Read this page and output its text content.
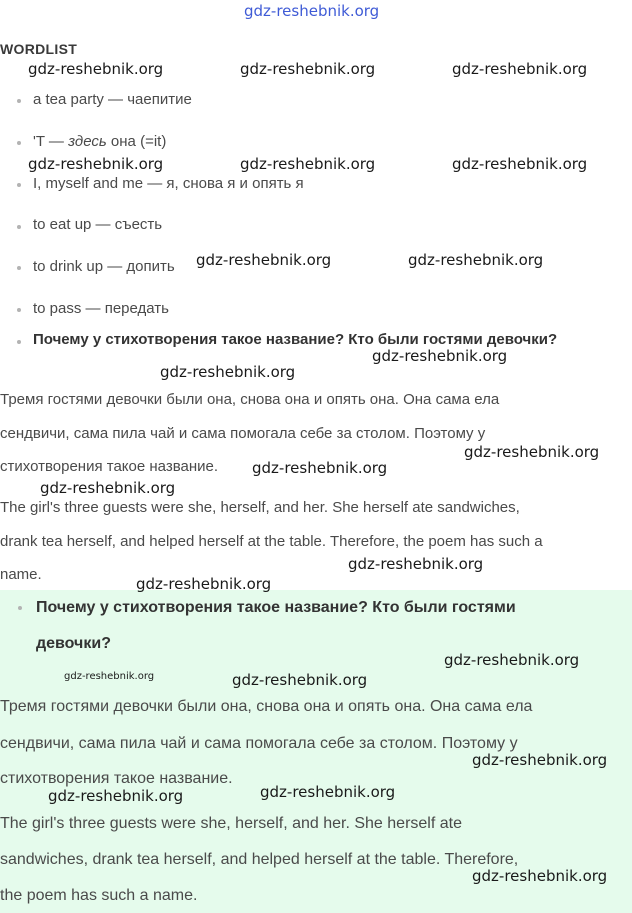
gdz-reshebnik.org
WORDLIST
a tea party — чаепитие
'T — здесь она (=it)
I, myself and me — я, снова я и опять я
to eat up — съесть
to drink up — допить
to pass — передать
Почему у стихотворения такое название? Кто были гостями девочки?
Тремя гостями девочки были она, снова она и опять она. Она сама ела
сендвичи, сама пила чай и сама помогала себе за столом. Поэтому у
стихотворения такое название.
The girl's three guests were she, herself, and her. She herself ate sandwiches,
drank tea herself, and helped herself at the table. Therefore, the poem has such a
name.
Почему у стихотворения такое название? Кто были гостями
девочки?
Тремя гостями девочки были она, снова она и опять она. Она сама ела
сендвичи, сама пила чай и сама помогала себе за столом. Поэтому у
стихотворения такое название.
The girl's three guests were she, herself, and her. She herself ate
sandwiches, drank tea herself, and helped herself at the table. Therefore,
the poem has such a name.
gdz-reshebnik.org	gdz-reshebnik.org	gdz-reshebnik.org
gdz-reshebnik.org	gdz-reshebnik.org	gdz-reshebnik.org
gdz-reshebnik.org	gdz-reshebnik.org
gdz-reshebnik.org
gdz-reshebnik.org
gdz-reshebnik.org
gdz-reshebnik.org
gdz-reshebnik.org
gdz-reshebnik.org
gdz-reshebnik.org
gdz-reshebnik.org
gdz-reshebnik.org	gdz-reshebnik.org
gdz-reshebnik.org
gdz-reshebnik.org
gdz-reshebnik.org
gdz-reshebnik.org
